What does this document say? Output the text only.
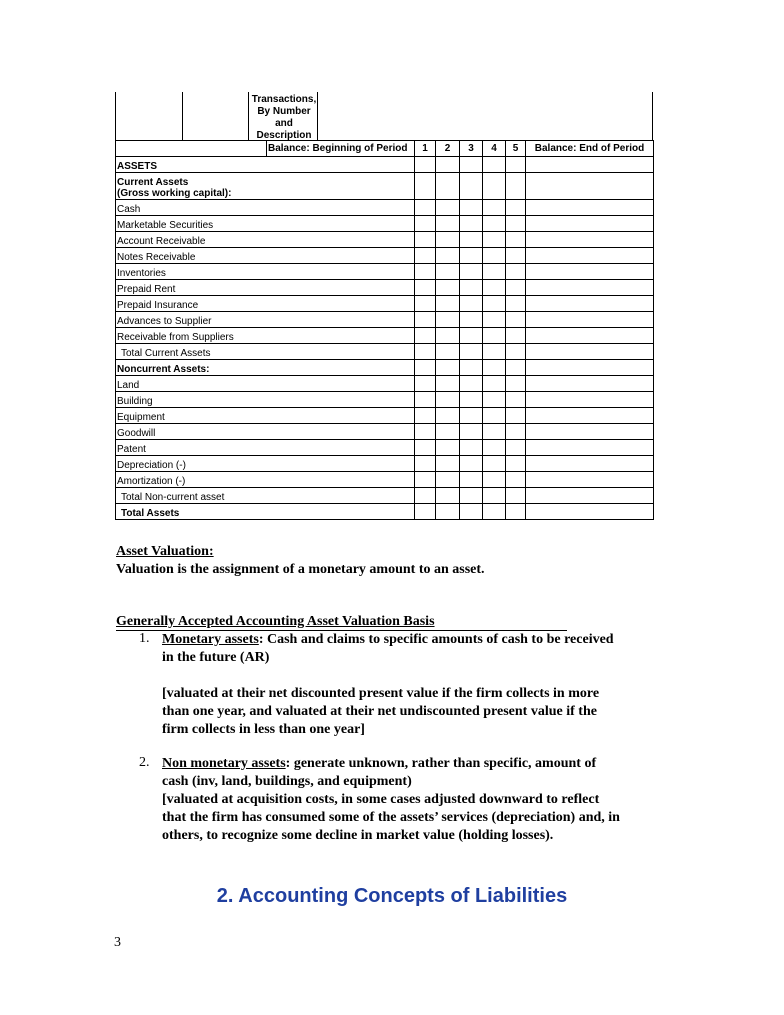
Transactions, By Number and Description
	Balance: Beginning of Period	1	2	3	4	5	Balance: End of Period	
ASSETS								
Current Assets
(Gross working capital):							
Cash							
Marketable Securities							
Account Receivable							
Notes Receivable								
Inventories							
Prepaid Rent							
Prepaid Insurance							
Advances to Supplier							
Receivable from Suppliers								
Total Current Assets							
Noncurrent Assets:								
Land							
Building							
Equipment							
Goodwill							
Patent							
Depreciation (-)							
Amortization (-)							
Total Non-current asset							
Total Assets							

Asset Valuation:

Valuation is the assignment of a monetary amount to an asset.

Generally Accepted Accounting Asset Valuation Basis

1. Monetary assets: Cash and claims to specific amounts of cash to be received
in the future (AR)
[valuated at their net discounted present value if the firm collects in more
than one year, and valuated at their net undiscounted present value if the
firm collects in less than one year]
2. Non monetary assets: generate unknown, rather than specific, amount of
cash (inv, land, buildings, and equipment)
[valuated at acquisition costs, in some cases adjusted downward to reflect
that the firm has consumed some of the assets’ services (depreciation) and, in
others, to recognize some decline in market value (holding losses).
2. Accounting Concepts of Liabilities
3
